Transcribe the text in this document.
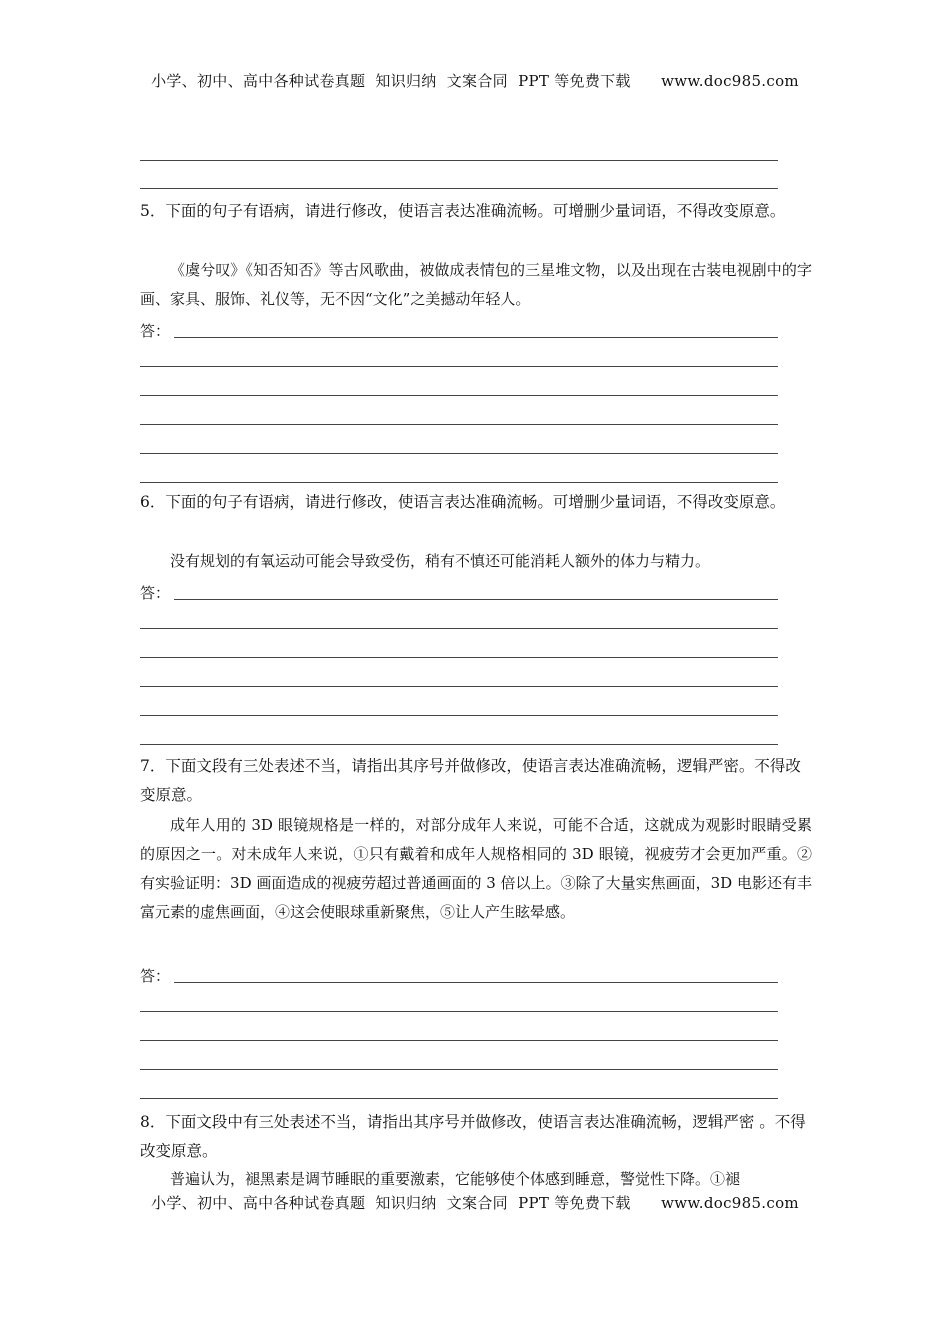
小学、初中、高中各种试卷真题  知识归纳  文案合同  PPT 等免费下载      www.doc985.com
5．下面的句子有语病，请进行修改，使语言表达准确流畅。可增删少量词语，不得改变原意。
《虞兮叹》《知否知否》等古风歌曲，被做成表情包的三星堆文物，以及出现在古装电视剧中的字画、家具、服饰、礼仪等，无不因“文化”之美撼动年轻人。
答：
6．下面的句子有语病，请进行修改，使语言表达准确流畅。可增删少量词语，不得改变原意。
没有规划的有氧运动可能会导致受伤，稍有不慎还可能消耗人额外的体力与精力。
答：
7．下面文段有三处表述不当，请指出其序号并做修改，使语言表达准确流畅，逻辑严密。不得改变原意。
成年人用的 3D 眼镜规格是一样的，对部分成年人来说，可能不合适，这就成为观影时眼睛受累的原因之一。对未成年人来说，①只有戴着和成年人规格相同的 3D 眼镜，视疲劳才会更加严重。②有实验证明：3D 画面造成的视疲劳超过普通画面的 3 倍以上。③除了大量实焦画面，3D 电影还有丰富元素的虚焦画面，④这会使眼球重新聚焦，⑤让人产生眩晕感。
答：
8．下面文段中有三处表述不当，请指出其序号并做修改，使语言表达准确流畅，逻辑严密 。不得改变原意。
普遍认为，褪黑素是调节睡眠的重要激素，它能够使个体感到睡意，警觉性下降。①褪
小学、初中、高中各种试卷真题  知识归纳  文案合同  PPT 等免费下载      www.doc985.com
